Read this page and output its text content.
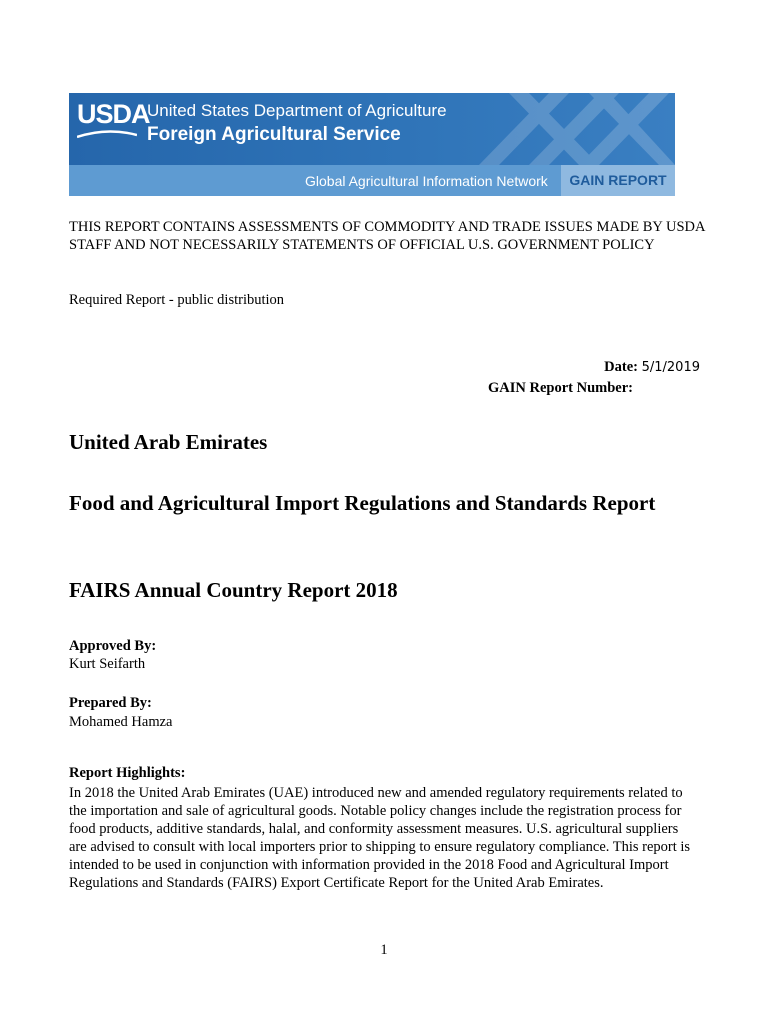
USDA
United States Department of Agriculture
Foreign Agricultural Service
Global Agricultural Information Network	GAIN REPORT
THIS REPORT CONTAINS ASSESSMENTS OF COMMODITY AND TRADE ISSUES MADE BY USDA STAFF AND NOT NECESSARILY STATEMENTS OF OFFICIAL U.S. GOVERNMENT POLICY
Required Report - public distribution
Date: 5/1/2019
GAIN Report Number:
United Arab Emirates
Food and Agricultural Import Regulations and Standards Report
FAIRS Annual Country Report 2018
Approved By:
Kurt Seifarth
Prepared By:
Mohamed Hamza
Report Highlights:
In 2018 the United Arab Emirates (UAE) introduced new and amended regulatory requirements related to the importation and sale of agricultural goods. Notable policy changes include the registration process for food products, additive standards, halal, and conformity assessment measures. U.S. agricultural suppliers are advised to consult with local importers prior to shipping to ensure regulatory compliance. This report is intended to be used in conjunction with information provided in the 2018 Food and Agricultural Import Regulations and Standards (FAIRS) Export Certificate Report for the United Arab Emirates.
1
